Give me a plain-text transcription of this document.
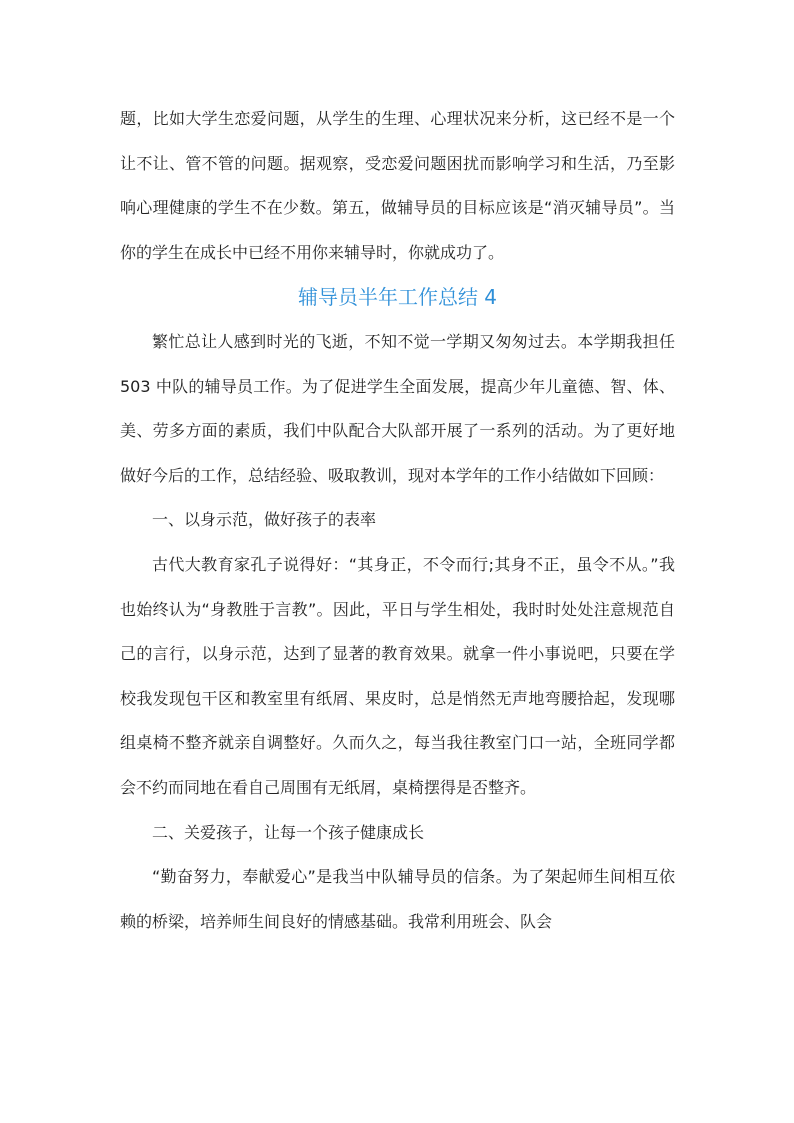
题，比如大学生恋爱问题，从学生的生理、心理状况来分析，这已经不是一个让不让、管不管的问题。据观察，受恋爱问题困扰而影响学习和生活，乃至影响心理健康的学生不在少数。第五，做辅导员的目标应该是“消灭辅导员”。当你的学生在成长中已经不用你来辅导时，你就成功了。

辅导员半年工作总结 4

繁忙总让人感到时光的飞逝，不知不觉一学期又匆匆过去。本学期我担任 503 中队的辅导员工作。为了促进学生全面发展，提高少年儿童德、智、体、美、劳多方面的素质，我们中队配合大队部开展了一系列的活动。为了更好地做好今后的工作，总结经验、吸取教训，现对本学年的工作小结做如下回顾：

一、以身示范，做好孩子的表率

古代大教育家孔子说得好：“其身正，不令而行;其身不正，虽令不从。”我也始终认为“身教胜于言教”。因此，平日与学生相处，我时时处处注意规范自己的言行，以身示范，达到了显著的教育效果。就拿一件小事说吧，只要在学校我发现包干区和教室里有纸屑、果皮时，总是悄然无声地弯腰拾起，发现哪组桌椅不整齐就亲自调整好。久而久之，每当我往教室门口一站，全班同学都会不约而同地在看自己周围有无纸屑，桌椅摆得是否整齐。

二、关爱孩子，让每一个孩子健康成长

“勤奋努力，奉献爱心”是我当中队辅导员的信条。为了架起师生间相互依赖的桥梁，培养师生间良好的情感基础。我常利用班会、队会
